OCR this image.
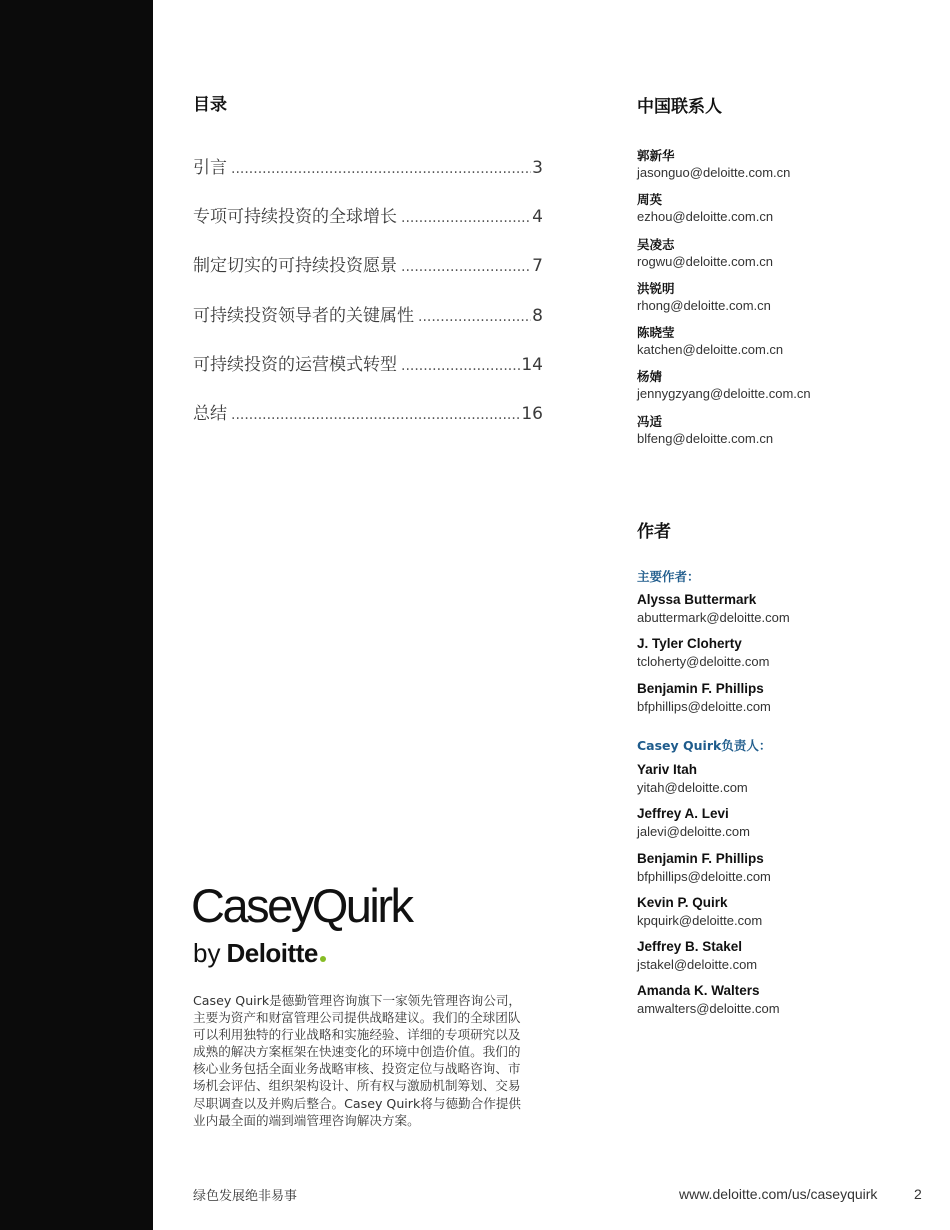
目录
引言 .....	3
专项可持续投资的全球增长 .....	4
制定切实的可持续投资愿景 .....	7
可持续投资领导者的关键属性 .....	8
可持续投资的运营模式转型 .....	14
总结 .....	16
中国联系人
郭新华
jasonguo@deloitte.com.cn
周英
ezhou@deloitte.com.cn
吴凌志
rogwu@deloitte.com.cn
洪锐明
rhong@deloitte.com.cn
陈晓莹
katchen@deloitte.com.cn
杨婧
jennygzyang@deloitte.com.cn
冯适
blfeng@deloitte.com.cn
作者
主要作者：
Alyssa Buttermark
abuttermark@deloitte.com
J. Tyler Cloherty
tcloherty@deloitte.com
Benjamin F. Phillips
bfphillips@deloitte.com
Casey Quirk负责人：
Yariv Itah
yitah@deloitte.com
Jeffrey A. Levi
jalevi@deloitte.com
Benjamin F. Phillips
bfphillips@deloitte.com
Kevin P. Quirk
kpquirk@deloitte.com
Jeffrey B. Stakel
jstakel@deloitte.com
Amanda K. Walters
amwalters@deloitte.com
CaseyQuirk
by Deloitte
Casey Quirk是德勤管理咨询旗下一家领先管理咨询公司，主要为资产和财富管理公司提供战略建议。我们的全球团队可以利用独特的行业战略和实施经验、详细的专项研究以及成熟的解决方案框架在快速变化的环境中创造价值。我们的核心业务包括全面业务战略审核、投资定位与战略咨询、市场机会评估、组织架构设计、所有权与激励机制筹划、交易尽职调查以及并购后整合。Casey Quirk将与德勤合作提供业内最全面的端到端管理咨询解决方案。
绿色发展绝非易事	www.deloitte.com/us/caseyquirk	2
